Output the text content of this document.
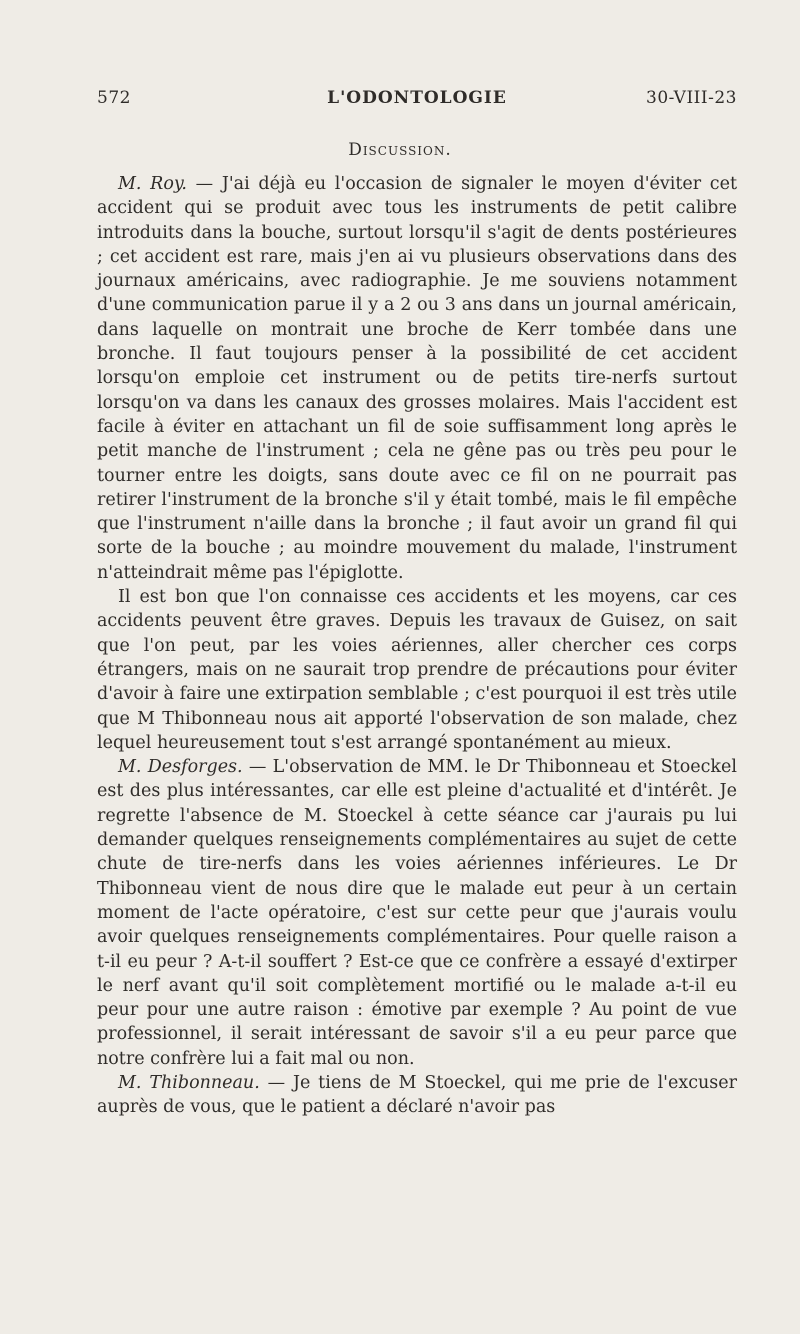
572	L'ODONTOLOGIE	30-VIII-23
Discussion.

M. Roy. — J'ai déjà eu l'occasion de signaler le moyen d'éviter cet accident qui se produit avec tous les instruments de petit calibre introduits dans la bouche, surtout lorsqu'il s'agit de dents postérieures ; cet accident est rare, mais j'en ai vu plusieurs observations dans des journaux américains, avec radiographie. Je me souviens notamment d'une communication parue il y a 2 ou 3 ans dans un journal américain, dans laquelle on montrait une broche de Kerr tombée dans une bronche. Il faut toujours penser à la possibilité de cet accident lorsqu'on emploie cet instrument ou de petits tire-nerfs surtout lorsqu'on va dans les canaux des grosses molaires. Mais l'accident est facile à éviter en attachant un fil de soie suffisamment long après le petit manche de l'instrument ; cela ne gêne pas ou très peu pour le tourner entre les doigts, sans doute avec ce fil on ne pourrait pas retirer l'instrument de la bronche s'il y était tombé, mais le fil empêche que l'instrument n'aille dans la bronche ; il faut avoir un grand fil qui sorte de la bouche ; au moindre mouvement du malade, l'instrument n'atteindrait même pas l'épiglotte.

Il est bon que l'on connaisse ces accidents et les moyens, car ces accidents peuvent être graves. Depuis les travaux de Guisez, on sait que l'on peut, par les voies aériennes, aller chercher ces corps étrangers, mais on ne saurait trop prendre de précautions pour éviter d'avoir à faire une extirpation semblable ; c'est pourquoi il est très utile que M Thibonneau nous ait apporté l'observation de son malade, chez lequel heureusement tout s'est arrangé spontanément au mieux.

M. Desforges. — L'observation de MM. le Dr Thibonneau et Stoeckel est des plus intéressantes, car elle est pleine d'actualité et d'intérêt. Je regrette l'absence de M. Stoeckel à cette séance car j'aurais pu lui demander quelques renseignements complémentaires au sujet de cette chute de tire-nerfs dans les voies aériennes inférieures. Le Dr Thibonneau vient de nous dire que le malade eut peur à un certain moment de l'acte opératoire, c'est sur cette peur que j'aurais voulu avoir quelques renseignements complémentaires. Pour quelle raison a t-il eu peur ? A-t-il souffert ? Est-ce que ce confrère a essayé d'extirper le nerf avant qu'il soit complètement mortifié ou le malade a-t-il eu peur pour une autre raison : émotive par exemple ? Au point de vue professionnel, il serait intéressant de savoir s'il a eu peur parce que notre confrère lui a fait mal ou non.

M. Thibonneau. — Je tiens de M Stoeckel, qui me prie de l'excuser auprès de vous, que le patient a déclaré n'avoir pas
